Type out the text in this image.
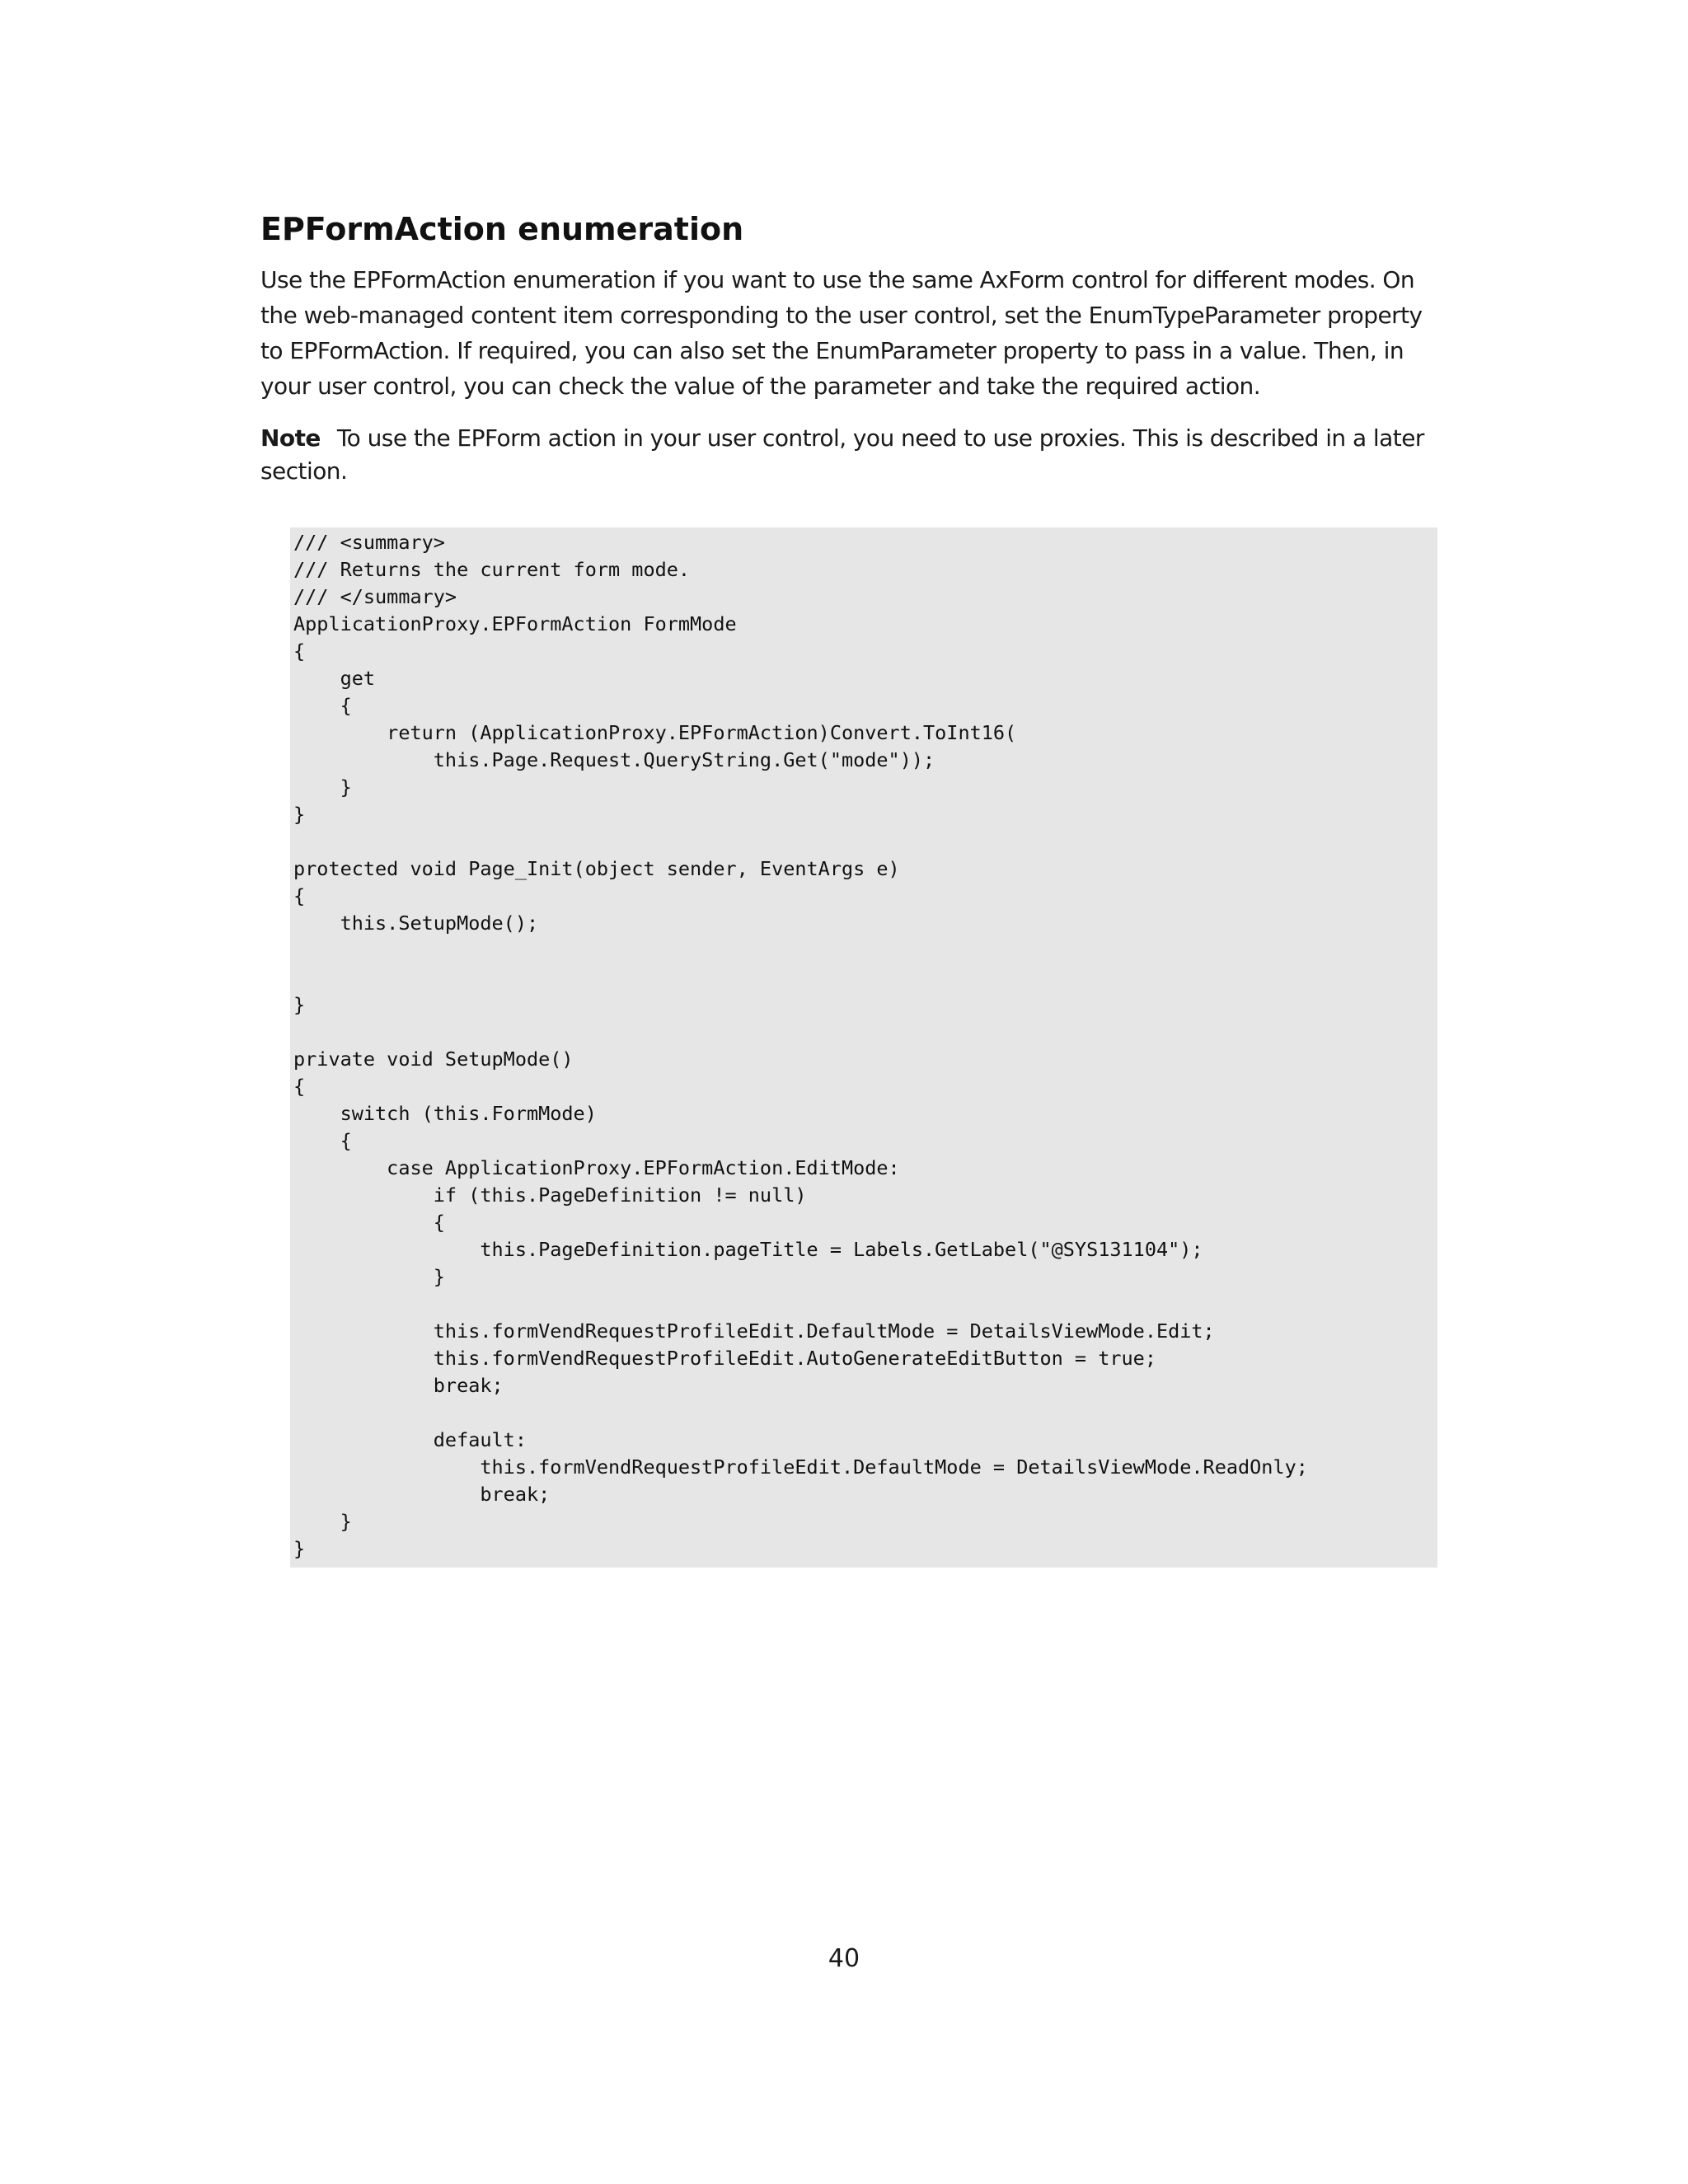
EPFormAction enumeration

Use the EPFormAction enumeration if you want to use the same AxForm control for different modes. On the web-managed content item corresponding to the user control, set the EnumTypeParameter property to EPFormAction. If required, you can also set the EnumParameter property to pass in a value. Then, in your user control, you can check the value of the parameter and take the required action.

Note To use the EPForm action in your user control, you need to use proxies. This is described in a later section.

/// <summary>
/// Returns the current form mode.
/// </summary>
ApplicationProxy.EPFormAction FormMode
{
get
{
return (ApplicationProxy.EPFormAction)Convert.ToInt16(
this.Page.Request.QueryString.Get("mode"));
}
}
protected void Page_Init(object sender, EventArgs e)
{
this.SetupMode();
}
private void SetupMode()
{
switch (this.FormMode)
{
case ApplicationProxy.EPFormAction.EditMode:
if (this.PageDefinition != null)
{
this.PageDefinition.pageTitle = Labels.GetLabel("@SYS131104");
}
this.formVendRequestProfileEdit.DefaultMode = DetailsViewMode.Edit;
this.formVendRequestProfileEdit.AutoGenerateEditButton = true;
break;
default:
this.formVendRequestProfileEdit.DefaultMode = DetailsViewMode.ReadOnly;
break;
}
}
40
